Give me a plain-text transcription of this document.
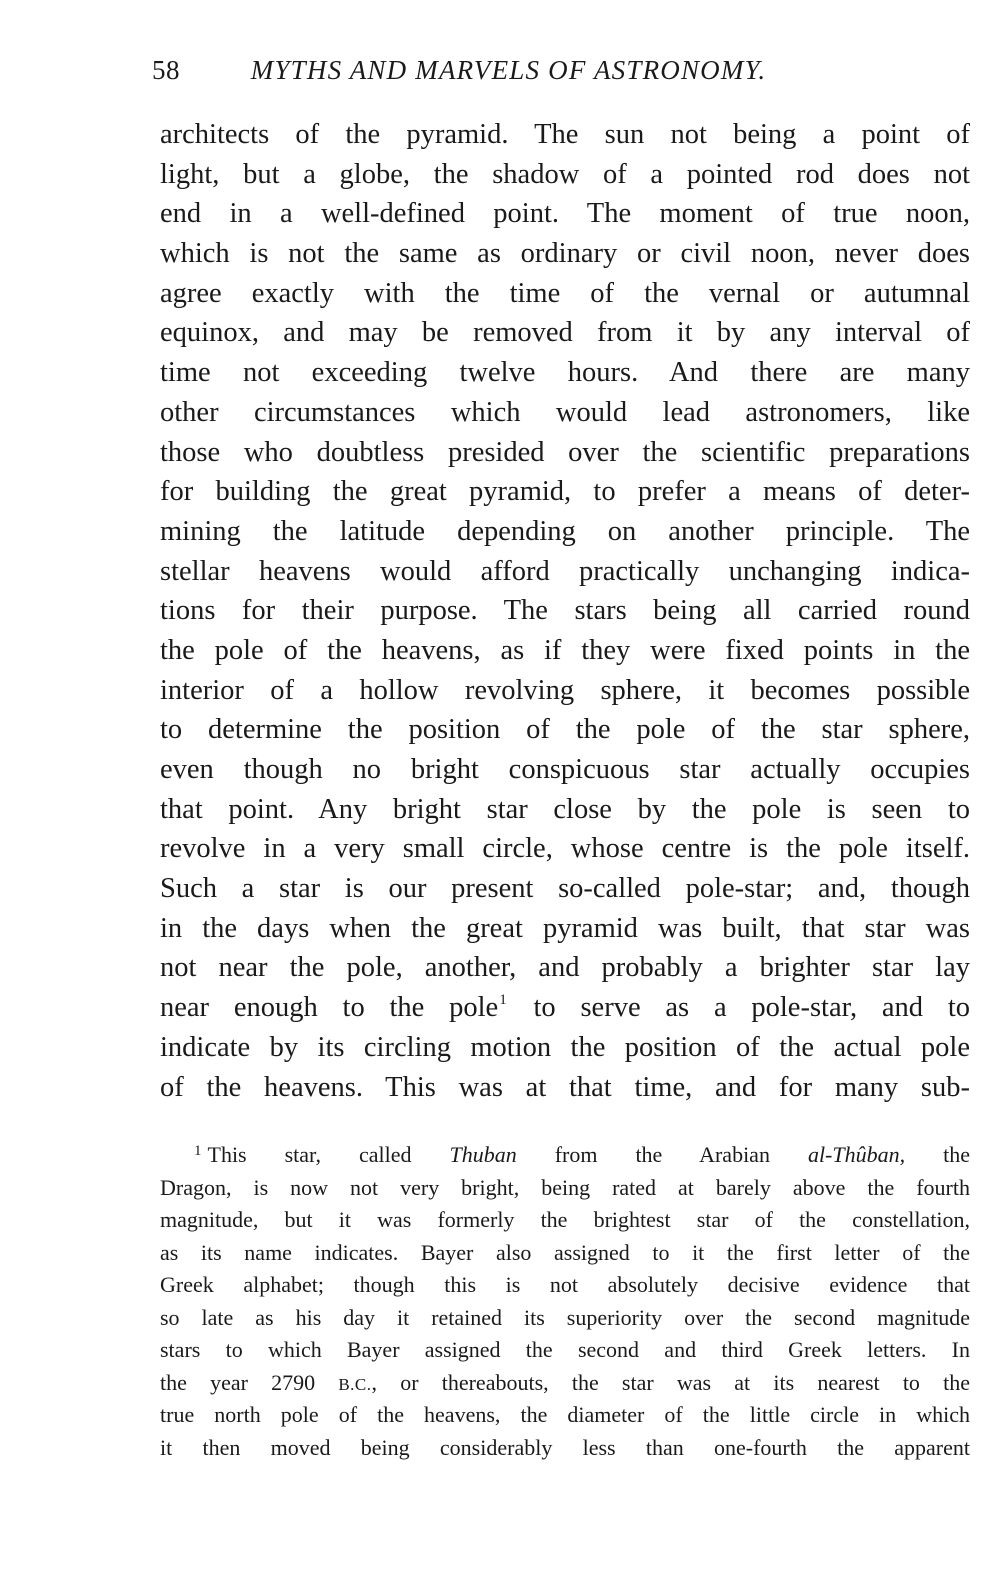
58	MYTHS AND MARVELS OF ASTRONOMY.
architects of the pyramid. The sun not being a point of
light, but a globe, the shadow of a pointed rod does not
end in a well-defined point. The moment of true noon,
which is not the same as ordinary or civil noon, never does
agree exactly with the time of the vernal or autumnal
equinox, and may be removed from it by any interval of
time not exceeding twelve hours. And there are many
other circumstances which would lead astronomers, like
those who doubtless presided over the scientific preparations
for building the great pyramid, to prefer a means of deter-
mining the latitude depending on another principle. The
stellar heavens would afford practically unchanging indica-
tions for their purpose. The stars being all carried round
the pole of the heavens, as if they were fixed points in the
interior of a hollow revolving sphere, it becomes possible
to determine the position of the pole of the star sphere,
even though no bright conspicuous star actually occupies
that point. Any bright star close by the pole is seen to
revolve in a very small circle, whose centre is the pole itself.
Such a star is our present so-called pole-star; and, though
in the days when the great pyramid was built, that star was
not near the pole, another, and probably a brighter star lay
near enough to the pole$^1$ to serve as a pole-star, and to
indicate by its circling motion the position of the actual pole
of the heavens. This was at that time, and for many sub-
$^1$ This star, called Thuban from the Arabian al-Thûban, the
Dragon, is now not very bright, being rated at barely above the fourth
magnitude, but it was formerly the brightest star of the constellation,
as its name indicates. Bayer also assigned to it the first letter of the
Greek alphabet; though this is not absolutely decisive evidence that
so late as his day it retained its superiority over the second magnitude
stars to which Bayer assigned the second and third Greek letters. In
the year 2790 B.C., or thereabouts, the star was at its nearest to the
true north pole of the heavens, the diameter of the little circle in which
it then moved being considerably less than one-fourth the apparent
